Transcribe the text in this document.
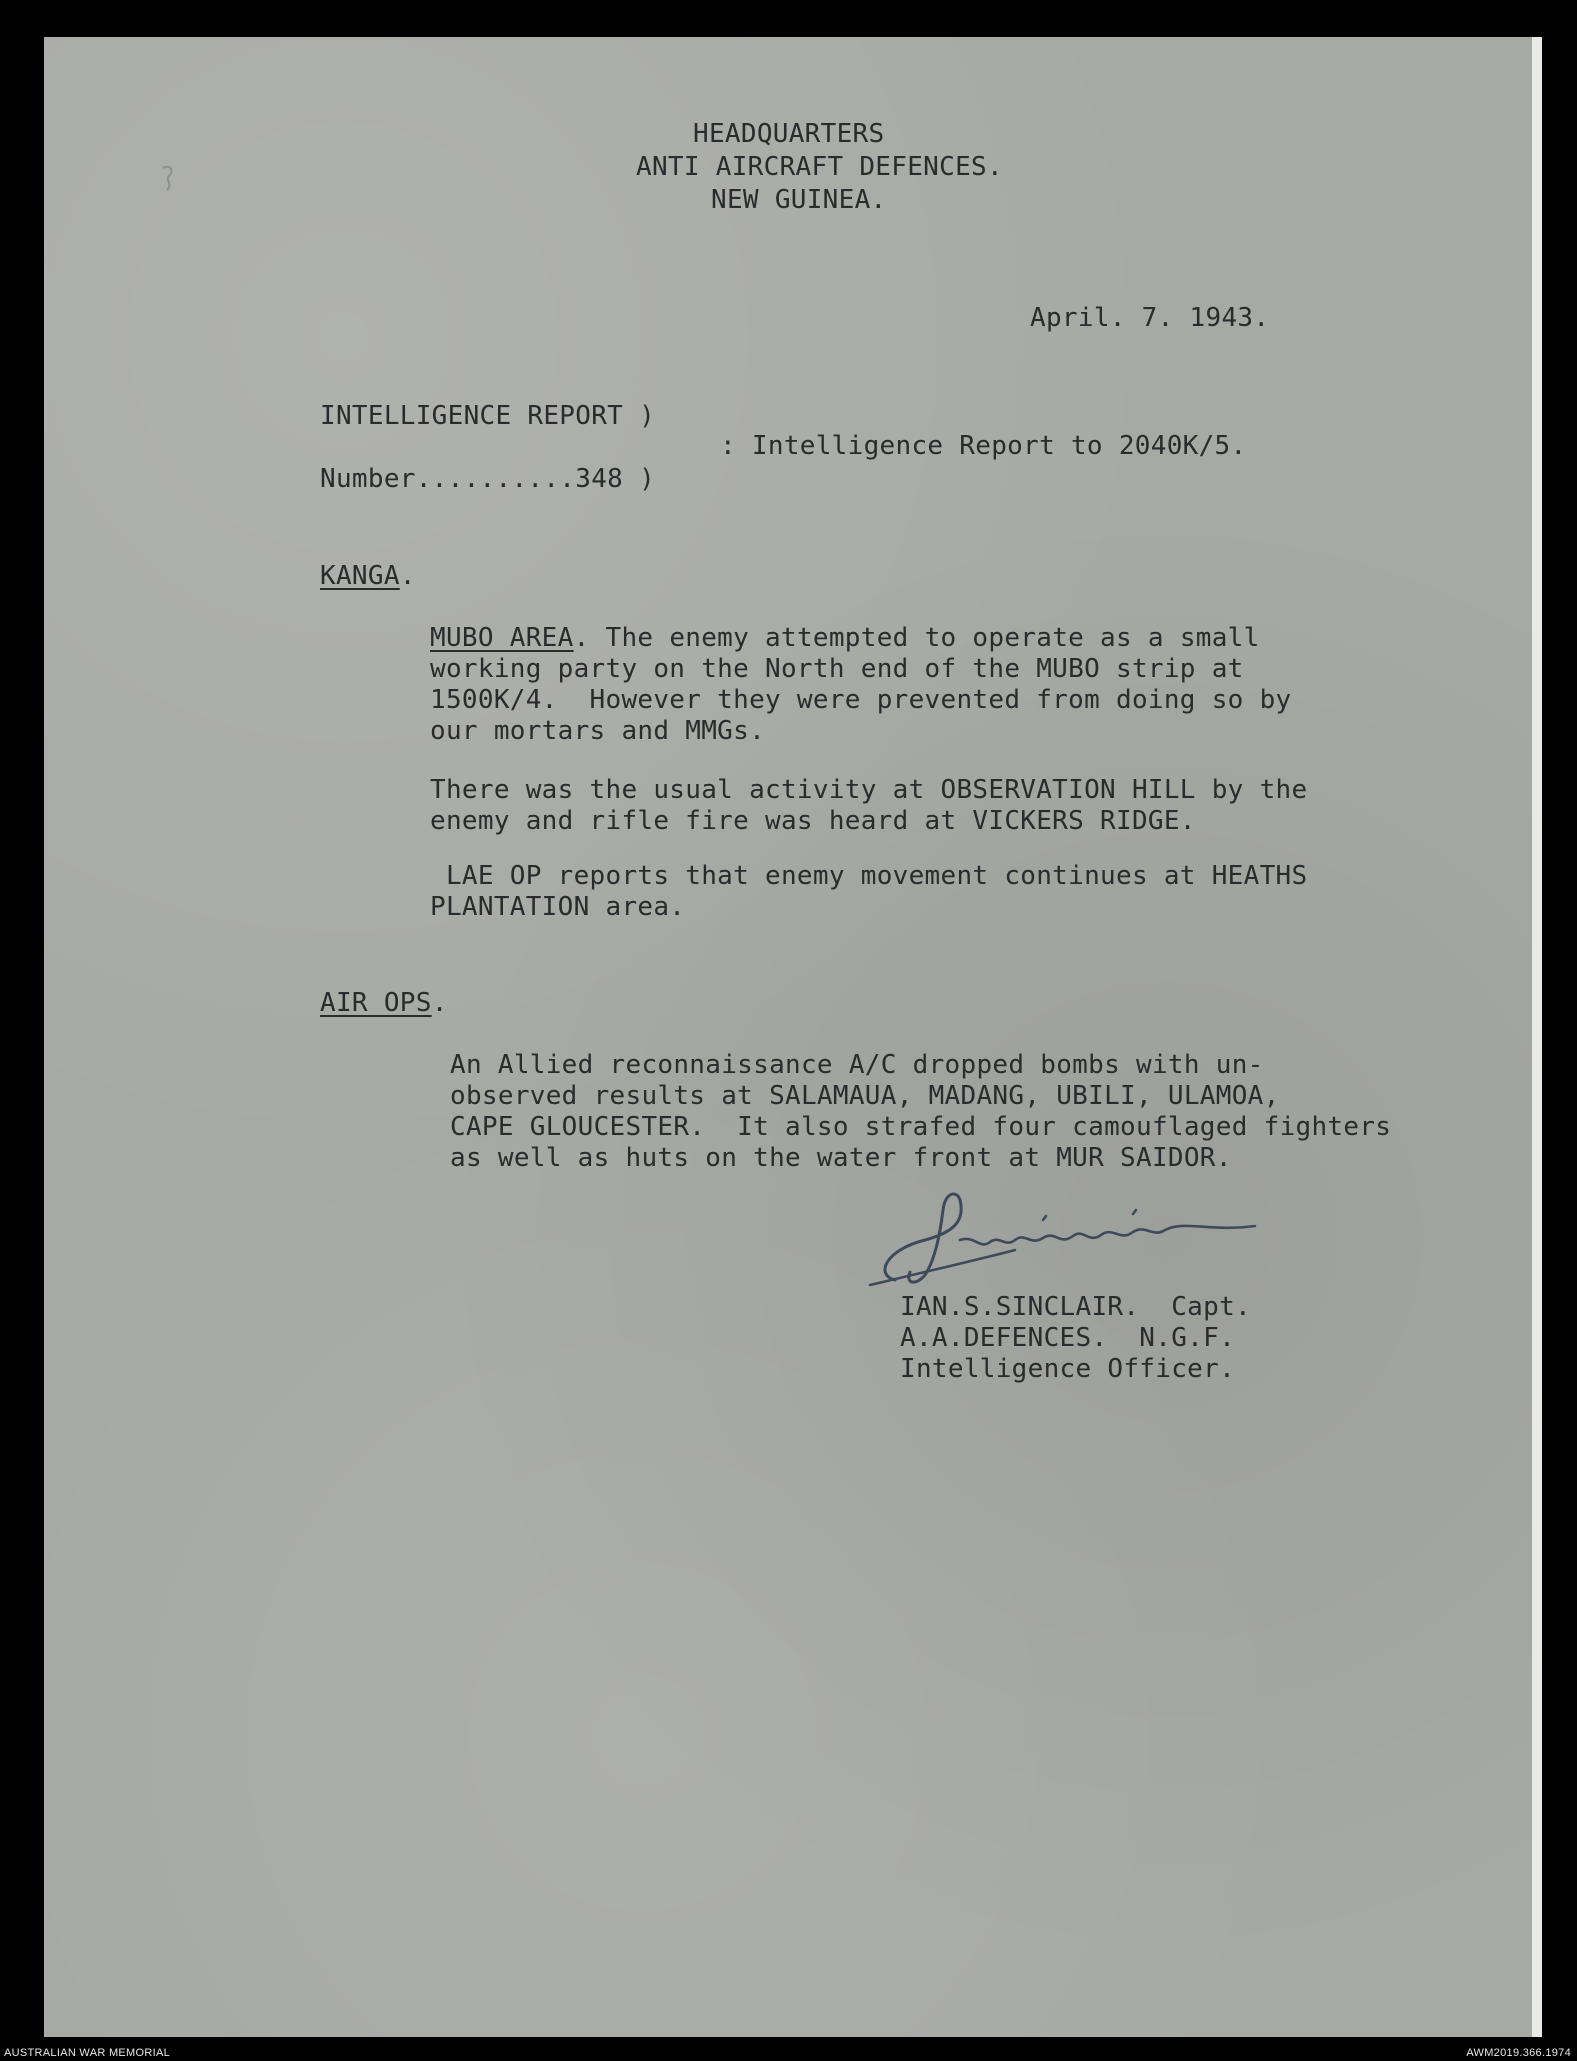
HEADQUARTERS
ANTI AIRCRAFT DEFENCES.
NEW GUINEA.
April. 7. 1943.
INTELLIGENCE REPORT )
: Intelligence Report to 2040K/5.
Number..........348 )
KANGA.
MUBO AREA. The enemy attempted to operate as a small
working party on the North end of the MUBO strip at
1500K/4.  However they were prevented from doing so by
our mortars and MMGs.
There was the usual activity at OBSERVATION HILL by the
enemy and rifle fire was heard at VICKERS RIDGE.
LAE OP reports that enemy movement continues at HEATHS
PLANTATION area.
AIR OPS.
An Allied reconnaissance A/C dropped bombs with un-
observed results at SALAMAUA, MADANG, UBILI, ULAMOA,
CAPE GLOUCESTER.  It also strafed four camouflaged fighters
as well as huts on the water front at MUR SAIDOR.
IAN.S.SINCLAIR.  Capt.
A.A.DEFENCES.  N.G.F.
Intelligence Officer.
AUSTRALIAN WAR MEMORIAL	AWM2019.366.1974
